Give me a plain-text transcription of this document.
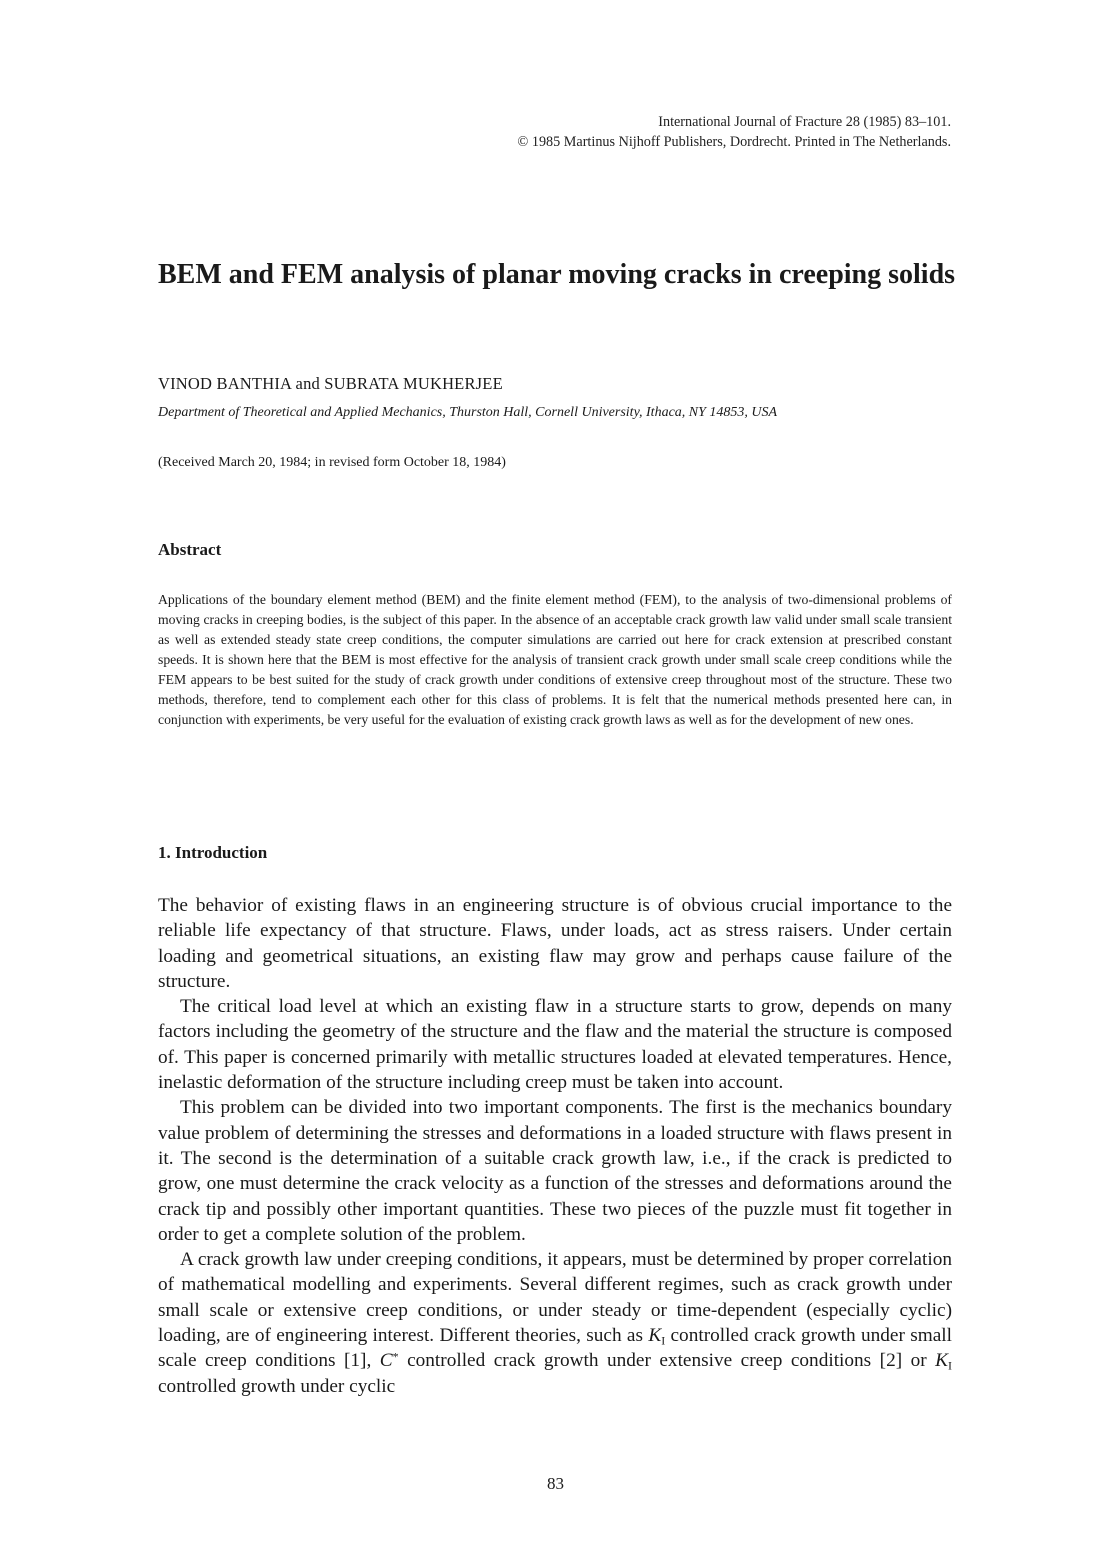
International Journal of Fracture 28 (1985) 83–101.
© 1985 Martinus Nijhoff Publishers, Dordrecht. Printed in The Netherlands.
BEM and FEM analysis of planar moving cracks in creeping solids
VINOD BANTHIA and SUBRATA MUKHERJEE
Department of Theoretical and Applied Mechanics, Thurston Hall, Cornell University, Ithaca, NY 14853, USA
(Received March 20, 1984; in revised form October 18, 1984)
Abstract

Applications of the boundary element method (BEM) and the finite element method (FEM), to the analysis of two-dimensional problems of moving cracks in creeping bodies, is the subject of this paper. In the absence of an acceptable crack growth law valid under small scale transient as well as extended steady state creep conditions, the computer simulations are carried out here for crack extension at prescribed constant speeds. It is shown here that the BEM is most effective for the analysis of transient crack growth under small scale creep conditions while the FEM appears to be best suited for the study of crack growth under conditions of extensive creep throughout most of the structure. These two methods, therefore, tend to complement each other for this class of problems. It is felt that the numerical methods presented here can, in conjunction with experiments, be very useful for the evaluation of existing crack growth laws as well as for the development of new ones.

1. Introduction

The behavior of existing flaws in an engineering structure is of obvious crucial importance to the reliable life expectancy of that structure. Flaws, under loads, act as stress raisers. Under certain loading and geometrical situations, an existing flaw may grow and perhaps cause failure of the structure.

The critical load level at which an existing flaw in a structure starts to grow, depends on many factors including the geometry of the structure and the flaw and the material the structure is composed of. This paper is concerned primarily with metallic structures loaded at elevated temperatures. Hence, inelastic deformation of the structure including creep must be taken into account.

This problem can be divided into two important components. The first is the mechanics boundary value problem of determining the stresses and deformations in a loaded structure with flaws present in it. The second is the determination of a suitable crack growth law, i.e., if the crack is predicted to grow, one must determine the crack velocity as a function of the stresses and deformations around the crack tip and possibly other important quantities. These two pieces of the puzzle must fit together in order to get a complete solution of the problem.

A crack growth law under creeping conditions, it appears, must be determined by proper correlation of mathematical modelling and experiments. Several different regimes, such as crack growth under small scale or extensive creep conditions, or under steady or time-dependent (especially cyclic) loading, are of engineering interest. Different theories, such as $K_I$ controlled crack growth under small scale creep conditions [1], C* controlled crack growth under extensive creep conditions [2] or $K_I$ controlled growth under cyclic

83
